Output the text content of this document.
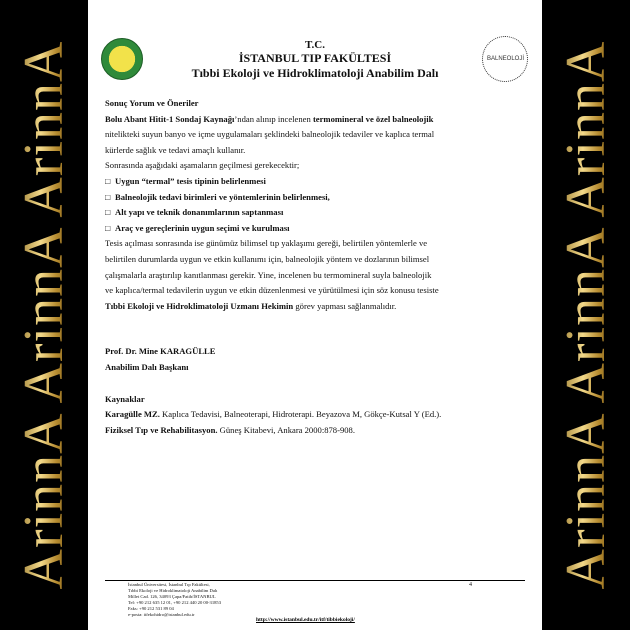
ArinnA ArinnA ArinnA	BALNEOLOJİ
T.C.
İSTANBUL TIP FAKÜLTESİ
Tıbbi Ekoloji ve Hidroklimatoloji Anabilim Dalı

Sonuç Yorum ve Öneriler

Bolu Abant Hitit-1 Sondaj Kaynağı’ndan alınıp incelenen termomineral ve özel balneolojik

nitelikteki suyun banyo ve içme uygulamaları şeklindeki balneolojik tedaviler ve kaplıca termal

kürlerde sağlık ve tedavi amaçlı kullanır.

Sonrasında aşağıdaki aşamaların geçilmesi gerekecektir;

□ Uygun “termal” tesis tipinin belirlenmesi
□ Balneolojik tedavi birimleri ve yöntemlerinin belirlenmesi,
□ Alt yapı ve teknik donanımlarının saptanması
□ Araç ve gereçlerinin uygun seçimi ve kurulması

Tesis açılması sonrasında ise günümüz bilimsel tıp yaklaşımı gereği, belirtilen yöntemlerle ve

belirtilen durumlarda uygun ve etkin kullanımı için, balneolojik yöntem ve dozlarının bilimsel

çalışmalarla araştırılıp kanıtlanması gerekir. Yine, incelenen bu termomineral suyla balneolojik

ve kaplıca/termal tedavilerin uygun ve etkin düzenlenmesi ve yürütülmesi için söz konusu tesiste

Tıbbi Ekoloji ve Hidroklimatoloji Uzmanı Hekimin görev yapması sağlanmalıdır.

Prof. Dr. Mine KARAGÜLLE

Anabilim Dalı Başkanı

Kaynaklar

Karagülle MZ. Kaplıca Tedavisi, Balneoterapi, Hidroterapi. Beyazova M, Gökçe-Kutsal Y (Ed.).

Fiziksel Tıp ve Rehabilitasyon. Güneş Kitabevi, Ankara 2000:878-908.

İstanbul Üniversitesi, İstanbul Tıp Fakültesi,
Tıbbi Ekoloji ve Hidroklimatoloji Anabilim Dalı
Millet Cad. 126, 34093 Çapa/Fatih/İSTANBUL
Tel: +90 212 635 12 01, +90 212 440 20 00-31853
Faks: +90 212 531 89 04
e-posta: itfekohidro@istanbul.edu.tr
4
http://www.istanbul.edu.tr/itf/tibbiekoloji/
ArinnA ArinnA ArinnA
